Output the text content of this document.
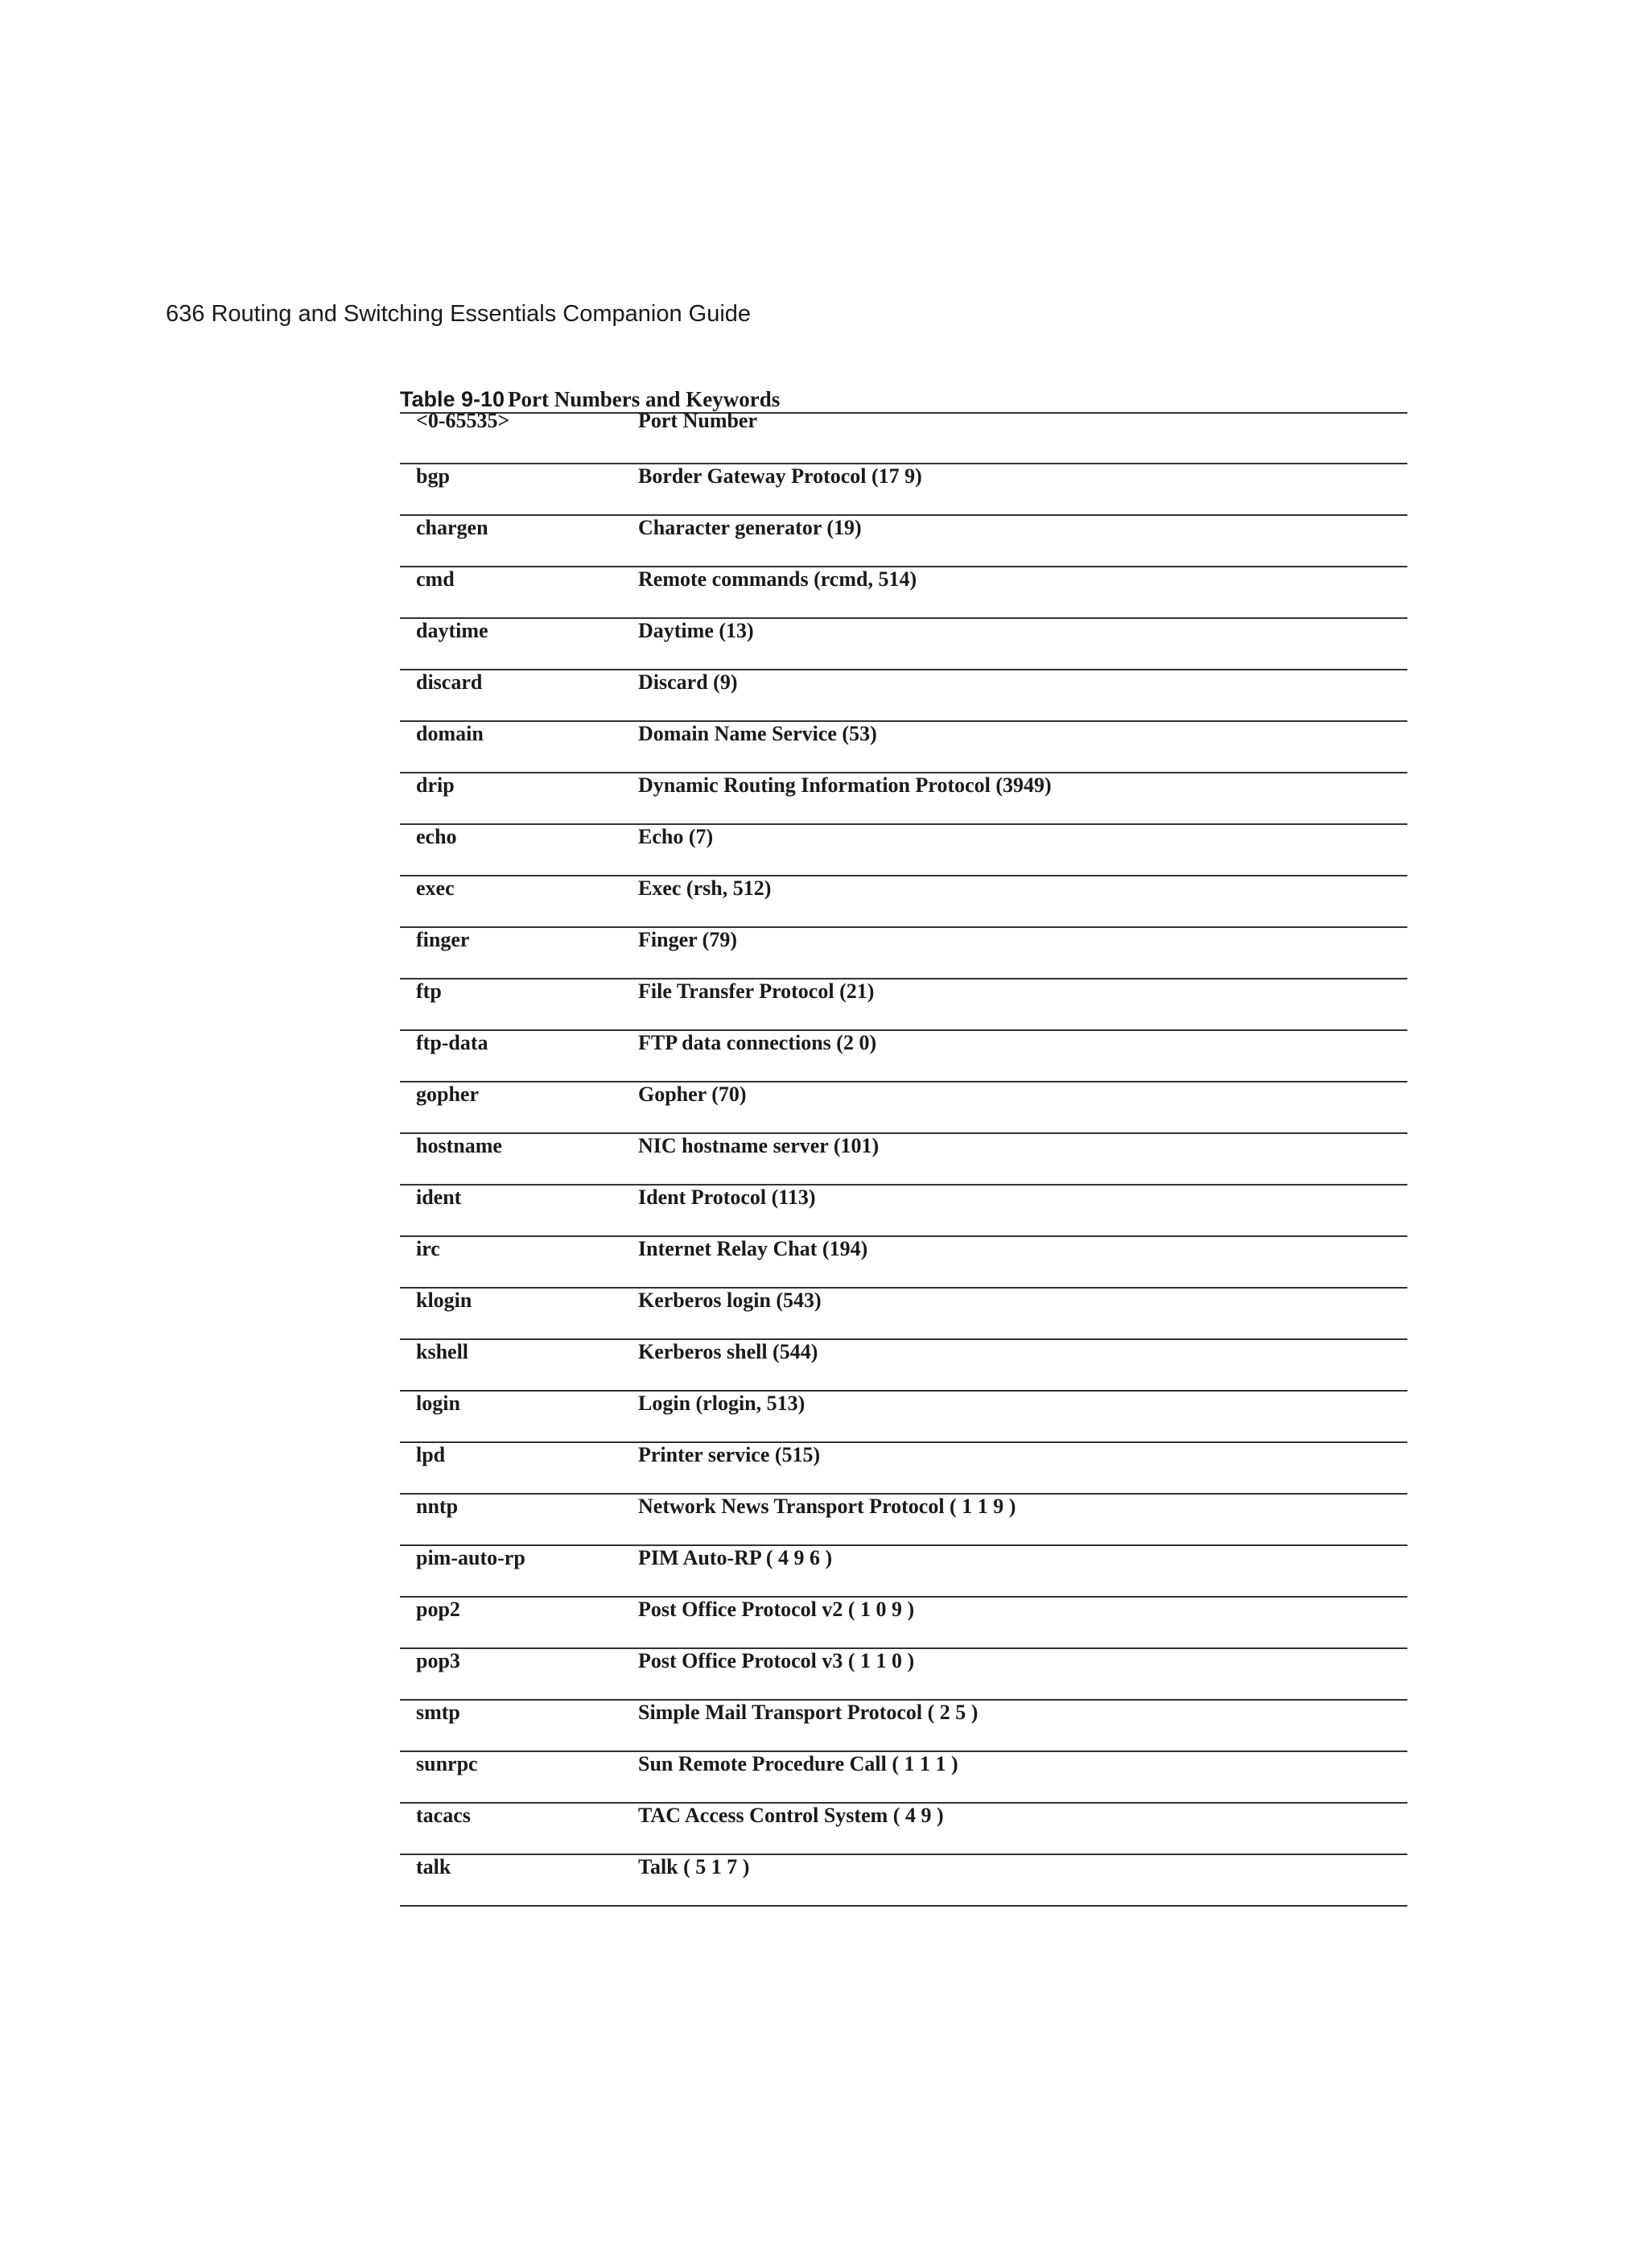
636 Routing and Switching Essentials Companion Guide
Table 9-10 Port Numbers and Keywords
<0-65535>	Port Number
bgp	Border Gateway Protocol (17 9)
chargen	Character generator (19)
cmd	Remote commands (rcmd, 514)
daytime	Daytime (13)
discard	Discard (9)
domain	Domain Name Service (53)
drip	Dynamic Routing Information Protocol (3949)
echo	Echo (7)
exec	Exec (rsh, 512)
finger	Finger (79)
ftp	File Transfer Protocol (21)
ftp-data	FTP data connections (2 0)
gopher	Gopher (70)
hostname	NIC hostname server (101)
ident	Ident Protocol (113)
irc	Internet Relay Chat (194)
klogin	Kerberos login (543)
kshell	Kerberos shell (544)
login	Login (rlogin, 513)
lpd	Printer service (515)
nntp	Network News Transport Protocol ( 1 1 9 )
pim-auto-rp	PIM Auto-RP ( 4 9 6 )
pop2	Post Office Protocol v2 ( 1 0 9 )
pop3	Post Office Protocol v3 ( 1 1 0 )
smtp	Simple Mail Transport Protocol ( 2 5 )
sunrpc	Sun Remote Procedure Call ( 1 1 1 )
tacacs	TAC Access Control System ( 4 9 )
talk	Talk ( 5 1 7 )
